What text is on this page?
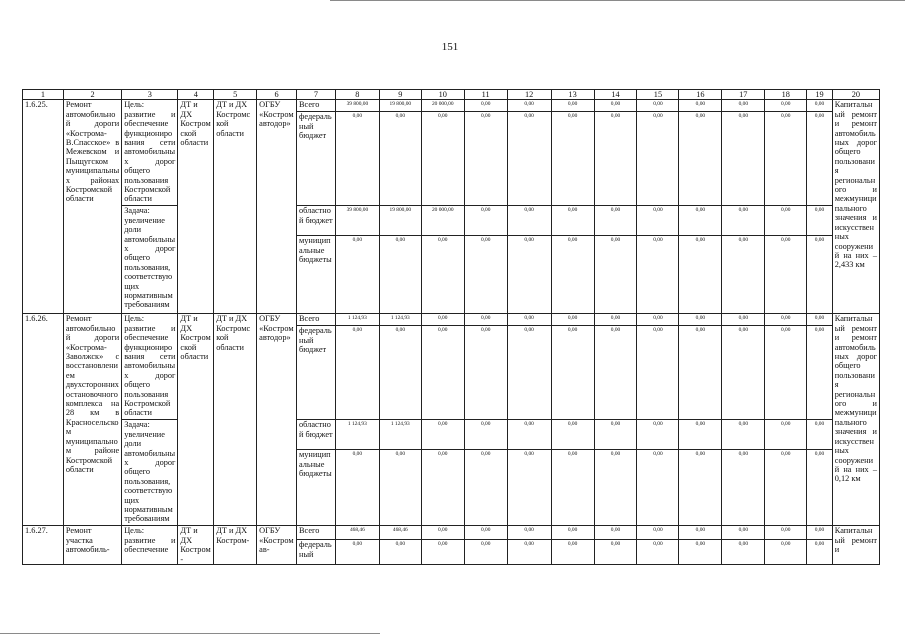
151
1	2	3	4	5	6	7	8	9	10	11	12	13	14	15	16	17	18	19	20
1.6.25.	Ремонт автомобильной дороги «Кострома-В.Спасское» в Межевском и Пыщугском муниципальных районах Костромской области	Цель: развитие и обеспечение функционирования сети автомобильных дорог общего пользования Костромской области	ДТ и ДХ Костромской области	ДТ и ДХ Костромской области	ОГБУ «Костромавтодор»	Всего	39 800,00	19 800,00	20 000,00	0,00	0,00	0,00	0,00	0,00	0,00	0,00	0,00	0,00	Капитальный ремонт и ремонт автомобильных дорог общего пользования регионального и межмуниципального значения и искусственных сооружений на них – 2,433 км
						федеральный бюджет	0,00	0,00	0,00	0,00	0,00	0,00	0,00	0,00	0,00	0,00	0,00	0,00	
		Задача: увеличение доли автомобильных дорог общего пользования, соответствующих нормативным требованиям				областной бюджет	39 800,00	19 800,00	20 000,00	0,00	0,00	0,00	0,00	0,00	0,00	0,00	0,00	0,00	
						муниципальные бюджеты	0,00	0,00	0,00	0,00	0,00	0,00	0,00	0,00	0,00	0,00	0,00	0,00	
1.6.26.	Ремонт автомобильной дороги «Кострома-Заволжск» с восстановлением двухсторонних остановочного комплекса на 28 км в Красносельском муниципальном районе Костромской области	Цель: развитие и обеспечение функционирования сети автомобильных дорог общего пользования Костромской области	ДТ и ДХ Костромской области	ДТ и ДХ Костромской области	ОГБУ «Костромавтодор»	Всего	1 124,93	1 124,93	0,00	0,00	0,00	0,00	0,00	0,00	0,00	0,00	0,00	0,00	Капитальный ремонт и ремонт автомобильных дорог общего пользования регионального и межмуниципального значения и искусственных сооружений на них – 0,12 км
						федеральный бюджет	0,00	0,00	0,00	0,00	0,00	0,00	0,00	0,00	0,00	0,00	0,00	0,00	
		Задача: увеличение доли автомобильных дорог общего пользования, соответствующих нормативным требованиям				областной бюджет	1 124,93	1 124,93	0,00	0,00	0,00	0,00	0,00	0,00	0,00	0,00	0,00	0,00	
						муниципальные бюджеты	0,00	0,00	0,00	0,00	0,00	0,00	0,00	0,00	0,00	0,00	0,00	0,00	
1.6.27.	Ремонт участка автомобиль-	Цель: развитие и обеспечение	ДТ и ДХ Костром-	ДТ и ДХ Костром-	ОГБУ «Костромав-	Всего	468,46	468,46	0,00	0,00	0,00	0,00	0,00	0,00	0,00	0,00	0,00	0,00	Капитальный ремонт и
						федеральный	0,00	0,00	0,00	0,00	0,00	0,00	0,00	0,00	0,00	0,00	0,00	0,00	
